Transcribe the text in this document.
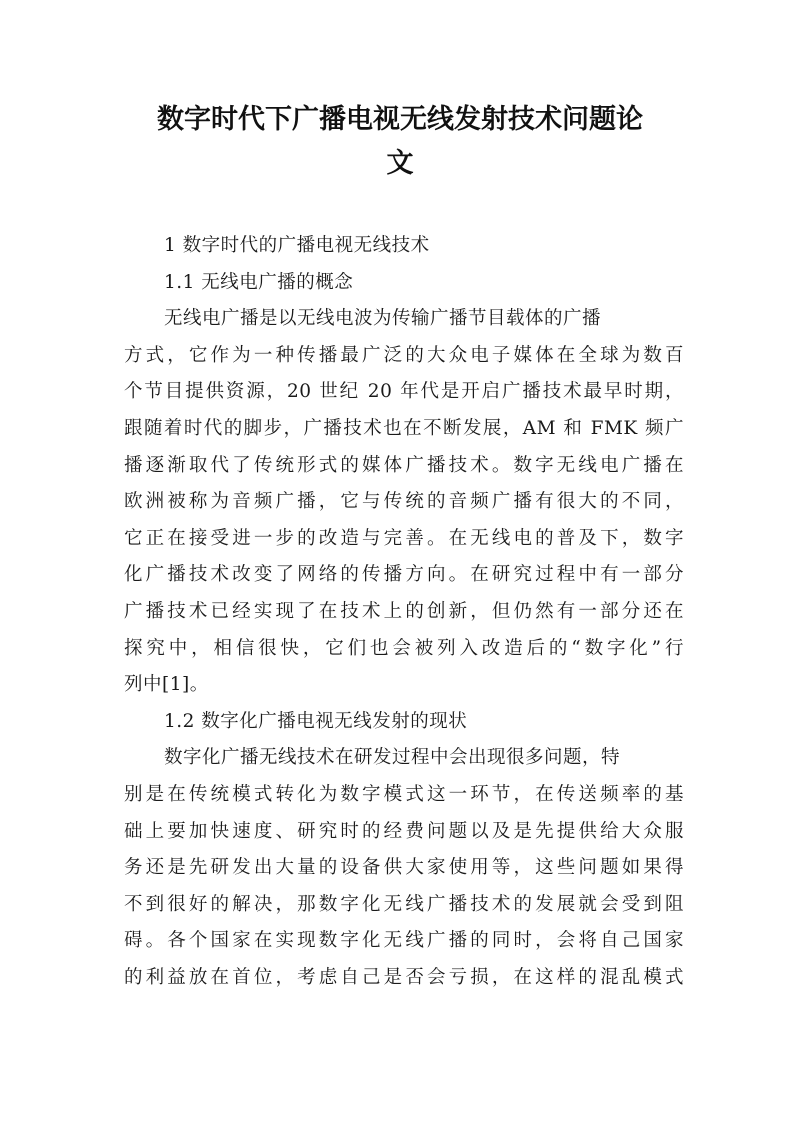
数字时代下广播电视无线发射技术问题论
文
1 数字时代的广播电视无线技术
1.1 无线电广播的概念
无线电广播是以无线电波为传输广播节目载体的广播
方式，它作为一种传播最广泛的大众电子媒体在全球为数百
个节目提供资源，20 世纪 20 年代是开启广播技术最早时期，
跟随着时代的脚步，广播技术也在不断发展，AM 和 FMK 频广
播逐渐取代了传统形式的媒体广播技术。数字无线电广播在
欧洲被称为音频广播，它与传统的音频广播有很大的不同，
它正在接受进一步的改造与完善。在无线电的普及下，数字
化广播技术改变了网络的传播方向。在研究过程中有一部分
广播技术已经实现了在技术上的创新，但仍然有一部分还在
探究中，相信很快，它们也会被列入改造后的“数字化”行
列中[1]。
1.2 数字化广播电视无线发射的现状
数字化广播无线技术在研发过程中会出现很多问题，特
别是在传统模式转化为数字模式这一环节，在传送频率的基
础上要加快速度、研究时的经费问题以及是先提供给大众服
务还是先研发出大量的设备供大家使用等，这些问题如果得
不到很好的解决，那数字化无线广播技术的发展就会受到阻
碍。各个国家在实现数字化无线广播的同时，会将自己国家
的利益放在首位，考虑自己是否会亏损，在这样的混乱模式
